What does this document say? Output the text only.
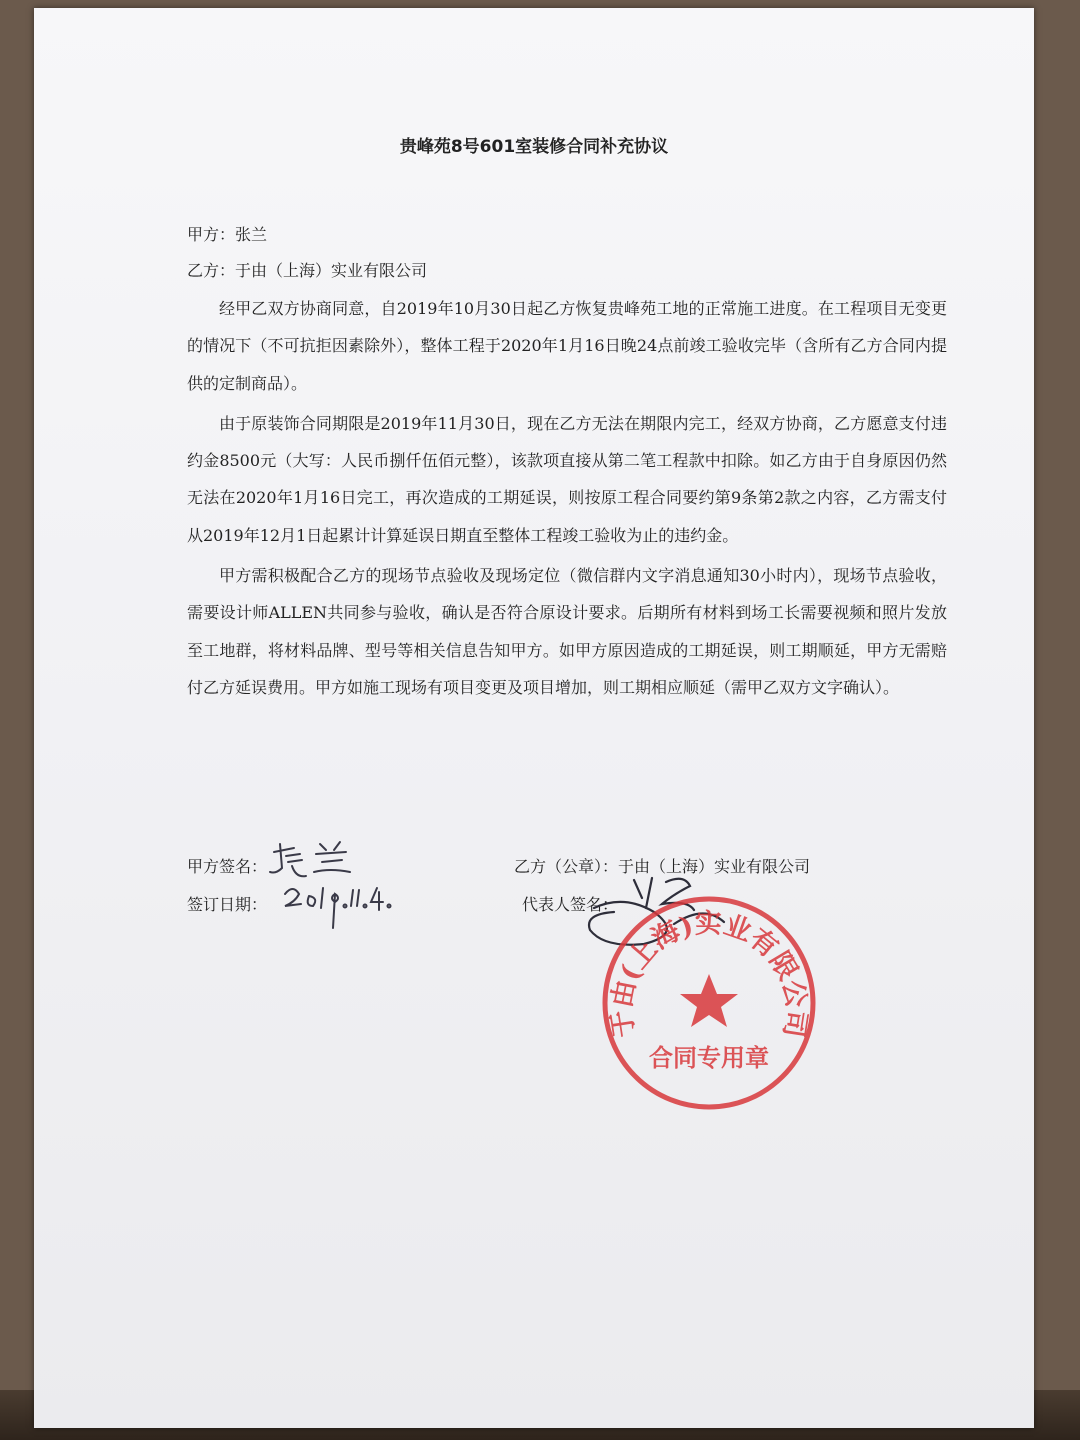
贵峰苑8号601室装修合同补充协议
甲方：张兰
乙方：于由（上海）实业有限公司

经甲乙双方协商同意，自2019年10月30日起乙方恢复贵峰苑工地的正常施工进度。在工程项目无变更的情况下（不可抗拒因素除外），整体工程于2020年1月16日晚24点前竣工验收完毕（含所有乙方合同内提供的定制商品）。

由于原装饰合同期限是2019年11月30日，现在乙方无法在期限内完工，经双方协商，乙方愿意支付违约金8500元（大写：人民币捌仟伍佰元整），该款项直接从第二笔工程款中扣除。如乙方由于自身原因仍然无法在2020年1月16日完工，再次造成的工期延误，则按原工程合同要约第9条第2款之内容，乙方需支付从2019年12月1日起累计计算延误日期直至整体工程竣工验收为止的违约金。

甲方需积极配合乙方的现场节点验收及现场定位（微信群内文字消息通知30小时内），现场节点验收，需要设计师ALLEN共同参与验收，确认是否符合原设计要求。后期所有材料到场工长需要视频和照片发放至工地群，将材料品牌、型号等相关信息告知甲方。如甲方原因造成的工期延误，则工期顺延，甲方无需赔付乙方延误费用。甲方如施工现场有项目变更及项目增加，则工期相应顺延（需甲乙双方文字确认）。

甲方签名：
签订日期：
乙方（公章）：于由（上海）实业有限公司
代表人签名：
于由(上海)实业有限公司
合同专用章
